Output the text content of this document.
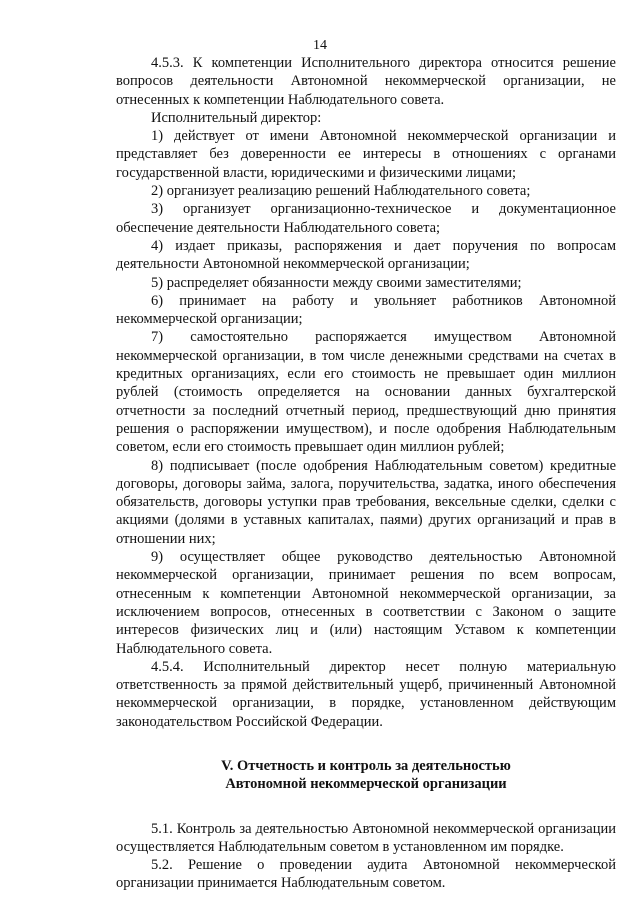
14

4.5.3. К компетенции Исполнительного директора относится решение вопросов деятельности Автономной некоммерческой организации, не отнесенных к компетенции Наблюдательного совета.

Исполнительный директор:

1) действует от имени Автономной некоммерческой организации и представляет без доверенности ее интересы в отношениях с органами государственной власти, юридическими и физическими лицами;

2) организует реализацию решений Наблюдательного совета;

3) организует организационно-техническое и документационное обеспечение деятельности Наблюдательного совета;

4) издает приказы, распоряжения и дает поручения по вопросам деятельности Автономной некоммерческой организации;

5) распределяет обязанности между своими заместителями;

6) принимает на работу и увольняет работников Автономной некоммерческой организации;

7) самостоятельно распоряжается имуществом Автономной некоммерческой организации, в том числе денежными средствами на счетах в кредитных организациях, если его стоимость не превышает один миллион рублей (стоимость определяется на основании данных бухгалтерской отчетности за последний отчетный период, предшествующий дню принятия решения о распоряжении имуществом), и после одобрения Наблюдательным советом, если его стоимость превышает один миллион рублей;

8) подписывает (после одобрения Наблюдательным советом) кредитные договоры, договоры займа, залога, поручительства, задатка, иного обеспечения обязательств, договоры уступки прав требования, вексельные сделки, сделки с акциями (долями в уставных капиталах, паями) других организаций и прав в отношении них;

9) осуществляет общее руководство деятельностью Автономной некоммерческой организации, принимает решения по всем вопросам, отнесенным к компетенции Автономной некоммерческой организации, за исключением вопросов, отнесенных в соответствии с Законом о защите интересов физических лиц и (или) настоящим Уставом к компетенции Наблюдательного совета.

4.5.4. Исполнительный директор несет полную материальную ответственность за прямой действительный ущерб, причиненный Автономной некоммерческой организации, в порядке, установленном действующим законодательством Российской Федерации.

V. Отчетность и контроль за деятельностью
Автономной некоммерческой организации

5.1. Контроль за деятельностью Автономной некоммерческой организации осуществляется Наблюдательным советом в установленном им порядке.

5.2. Решение о проведении аудита Автономной некоммерческой организации принимается Наблюдательным советом.
